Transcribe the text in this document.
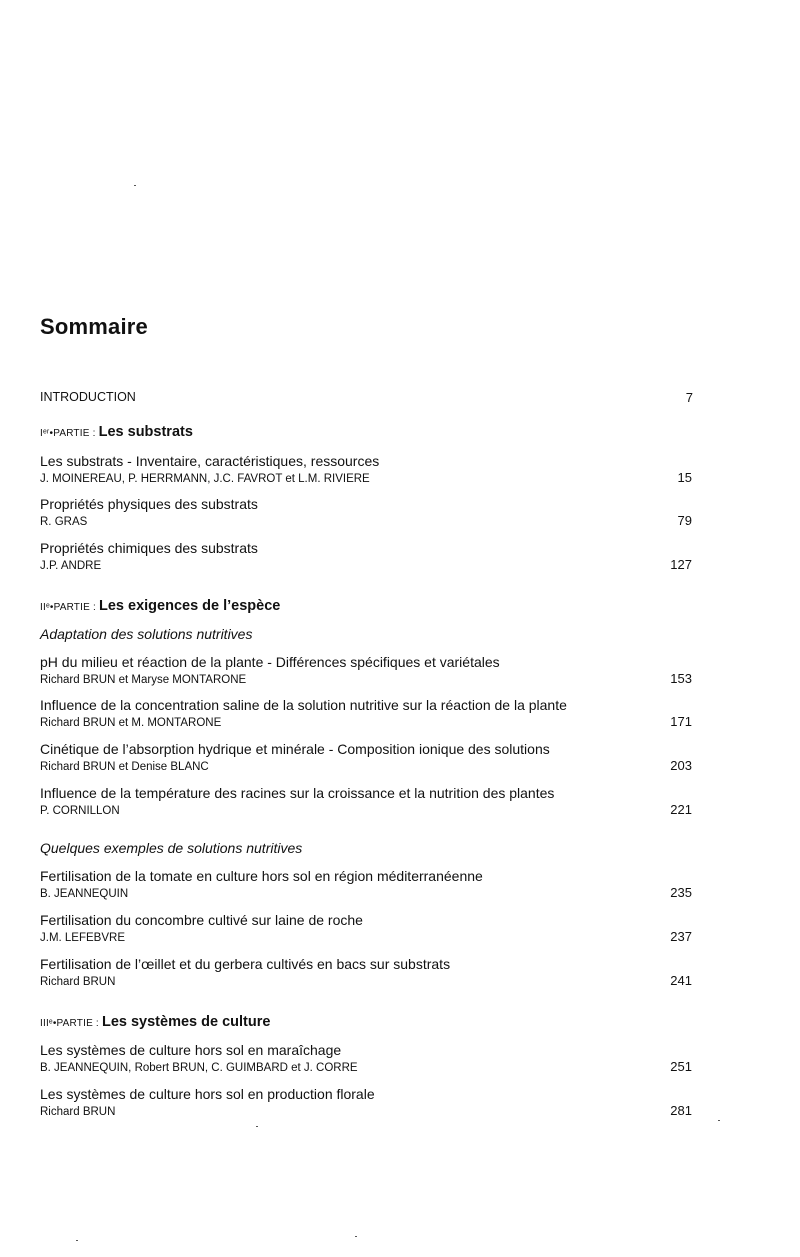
Sommaire
INTRODUCTION	7
Iᵉʳ•PARTIE : Les substrats
Les substrats - Inventaire, caractéristiques, ressources
J. MOINEREAU, P. HERRMANN, J.C. FAVROT et L.M. RIVIERE	15
Propriétés physiques des substrats
R. GRAS	79
Propriétés chimiques des substrats
J.P. ANDRE	127
IIᵉ•PARTIE : Les exigences de l’espèce
Adaptation des solutions nutritives
pH du milieu et réaction de la plante - Différences spécifiques et variétales
Richard BRUN et Maryse MONTARONE	153
Influence de la concentration saline de la solution nutritive sur la réaction de la plante
Richard BRUN et M. MONTARONE	171
Cinétique de l’absorption hydrique et minérale - Composition ionique des solutions
Richard BRUN et Denise BLANC	203
Influence de la température des racines sur la croissance et la nutrition des plantes
P. CORNILLON	221
Quelques exemples de solutions nutritives
Fertilisation de la tomate en culture hors sol en région méditerranéenne
B. JEANNEQUIN	235
Fertilisation du concombre cultivé sur laine de roche
J.M. LEFEBVRE	237
Fertilisation de l’œillet et du gerbera cultivés en bacs sur substrats
Richard BRUN	241
IIIᵉ•PARTIE : Les systèmes de culture
Les systèmes de culture hors sol en maraîchage
B. JEANNEQUIN, Robert BRUN, C. GUIMBARD et J. CORRE	251
Les systèmes de culture hors sol en production florale
Richard BRUN	281
